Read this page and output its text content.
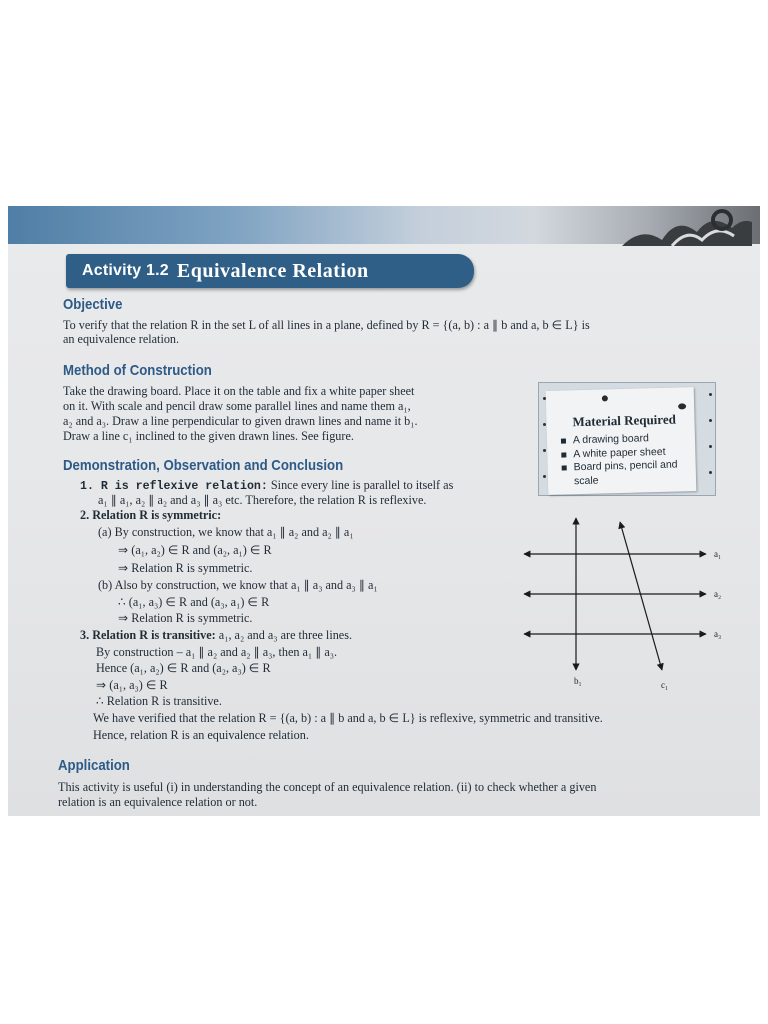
Activity 1.2 Equivalence Relation
Objective
To verify that the relation R in the set L of all lines in a plane, defined by R = {(a, b) : a ∥ b and a, b ∈ L} is
an equivalence relation.
Method of Construction
Take the drawing board. Place it on the table and fix a white paper sheet
on it. With scale and pencil draw some parallel lines and name them a₁,
a₂ and a₃. Draw a line perpendicular to given drawn lines and name it b₁.
Draw a line c₁ inclined to the given drawn lines. See figure.
Material Required
A drawing board
A white paper sheet
Board pins, pencil and
scale
Demonstration, Observation and Conclusion
1. R is reflexive relation: Since every line is parallel to itself as
a₁ ∥ a₁, a₂ ∥ a₂ and a₃ ∥ a₃ etc. Therefore, the relation R is reflexive.
2. Relation R is symmetric:
(a) By construction, we know that a₁ ∥ a₂ and a₂ ∥ a₁
⇒ (a₁, a₂) ∈ R and (a₂, a₁) ∈ R
⇒ Relation R is symmetric.
(b) Also by construction, we know that a₁ ∥ a₃ and a₃ ∥ a₁
∴ (a₁, a₃) ∈ R and (a₃, a₁) ∈ R
⇒ Relation R is symmetric.
3. Relation R is transitive: a₁, a₂ and a₃ are three lines.
By construction – a₁ ∥ a₂ and a₂ ∥ a₃, then a₁ ∥ a₃.
Hence (a₁, a₂) ∈ R and (a₂, a₃) ∈ R
⇒ (a₁, a₃) ∈ R
∴ Relation R is transitive.
We have verified that the relation R = {(a, b) : a ∥ b and a, b ∈ L} is reflexive, symmetric and transitive.
Hence, relation R is an equivalence relation.
a₁
a₂
a₃
b₁	c₁
Application
This activity is useful (i) in understanding the concept of an equivalence relation. (ii) to check whether a given
relation is an equivalence relation or not.
